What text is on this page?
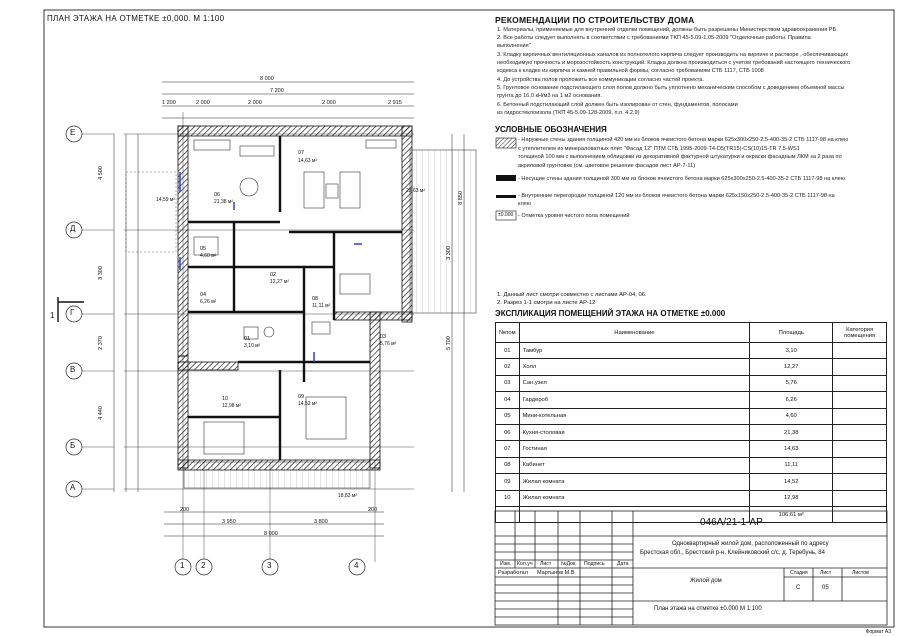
ПЛАН ЭТАЖА НА ОТМЕТКЕ ±0,000. М 1:100
Е
Д
Г
В
Б
А
1 2	3	4
1
8 000
7 200
1 200	2 000	2 000	2 000	2 915
3 950
200
3 800
200
8 000
4 500
3 300
2 370
4 440
8 850
5 700
3 300
07
14,63 м²
06
21,38 м²
05
4,60 м²
02
12,27 м²
08
11,11 м²
04
6,26 м²
01
3,10 м²
03
5,76 м²
10
12,98 м²
09
14,52 м²
23,63 м²
14,59 м²
18,83 м²
РЕКОМЕНДАЦИИ ПО СТРОИТЕЛЬСТВУ ДОМА
1. Материалы, применяемые для внутренней отделки помещений, должны быть разрешены Министерством здравоохранения РБ.
2. Все работы следует выполнять в соответствии с требованиями ТКП 45-5.09-1.05-2009 "Отделочные работы. Правила
выполнения"
3. Кладку кирпичных вентиляционных каналов из полнотелого кирпича следует производить на кирпиче и растворе , обеспечивающих
необходимую прочность и морозостойкость конструкций. Кладка должна производиться с учетом требований настоящего технического
кодекса к кладке из кирпича и камней правильной формы, согласно требованиям СТБ 1117, СТБ 1008
4. До устройства полов проложить все коммуникации согласно частей проекта.
5. Грунтовое основание подстилающего слоя полов должно быть уплотнено механическим способом с доведением объемной массы
грунта до 16.0 кН/м3 на 1 м2 основания.
6. Бетонный подстилающий слой должен быть изолирован от стен, фундаментов, полосами
из гидростеклоизола (ТКП 45-5.09-128-2009, п.п. 4.2.9)
УСЛОВНЫЕ ОБОЗНАЧЕНИЯ
±0.000
- Наружные стены здания толщиной 420 мм из блоков ячеистого бетона марки 625х300х250-2.5-400-35-2 СТБ 1117-98 на клею
с утеплителем из минераловатных плит "Фасад 12" ПТМ СТБ 1995-2009-Т4-D5(TR15)-CS(10)15-TR 7.5-WS1
толщиной 100 мм с выполнением облицовки из декоративной фактурной штукатурки и окраски фасадным ЛКМ за 2 раза по
акриловой грунтовке (см. цветовое решение фасадов лист АР-7-11)
- Несущие стены здания толщиной 300 мм из блоков ячеистого бетона марки 625х300х250-2.5-400-35-2 СТБ 1117-98 на клею
- Внутренние перегородки толщиной 120 мм из блоков ячеистого бетона марки 625х150х250-2.5-400-35-2 СТБ 1117-98 на
клею
- Отметка уровня чистого пола помещений
1. Данный лист смотри совместно с листами АР-04, 06.
2. Разрез 1-1 смотри на листе АР-12
ЭКСПЛИКАЦИЯ ПОМЕЩЕНИЙ ЭТАЖА НА ОТМЕТКЕ ±0.000
№пом	Наименование	Площадь	Категория помещения
01	Тамбур	3,10	
02	Холл	12,27	
03	Сан.узел	5,76	
04	Гардероб	6,26	
05	Мини-котельная	4,60	
06	Кухня-столовая	21,38	
07	Гостиная	14,63	
08	Кабинет	11,11	
09	Жилая комната	14,52	
10	Жилая комната	12,98	
		106,61 м²	
046А/21-1-АР
Одноквартирный жилой дом, расположенный по адресу
Брестская обл., Брестский р-н, Клейниковский с/с, д. Теребунь, 84
Изм. Кол.уч Лист №Док. Подпись Дата
Разработал Мартынов М.В.
Жилой дом
Стадия Лист	Листов
С	05
План этажа на отметке ±0.000 М 1:100
Формат А3
